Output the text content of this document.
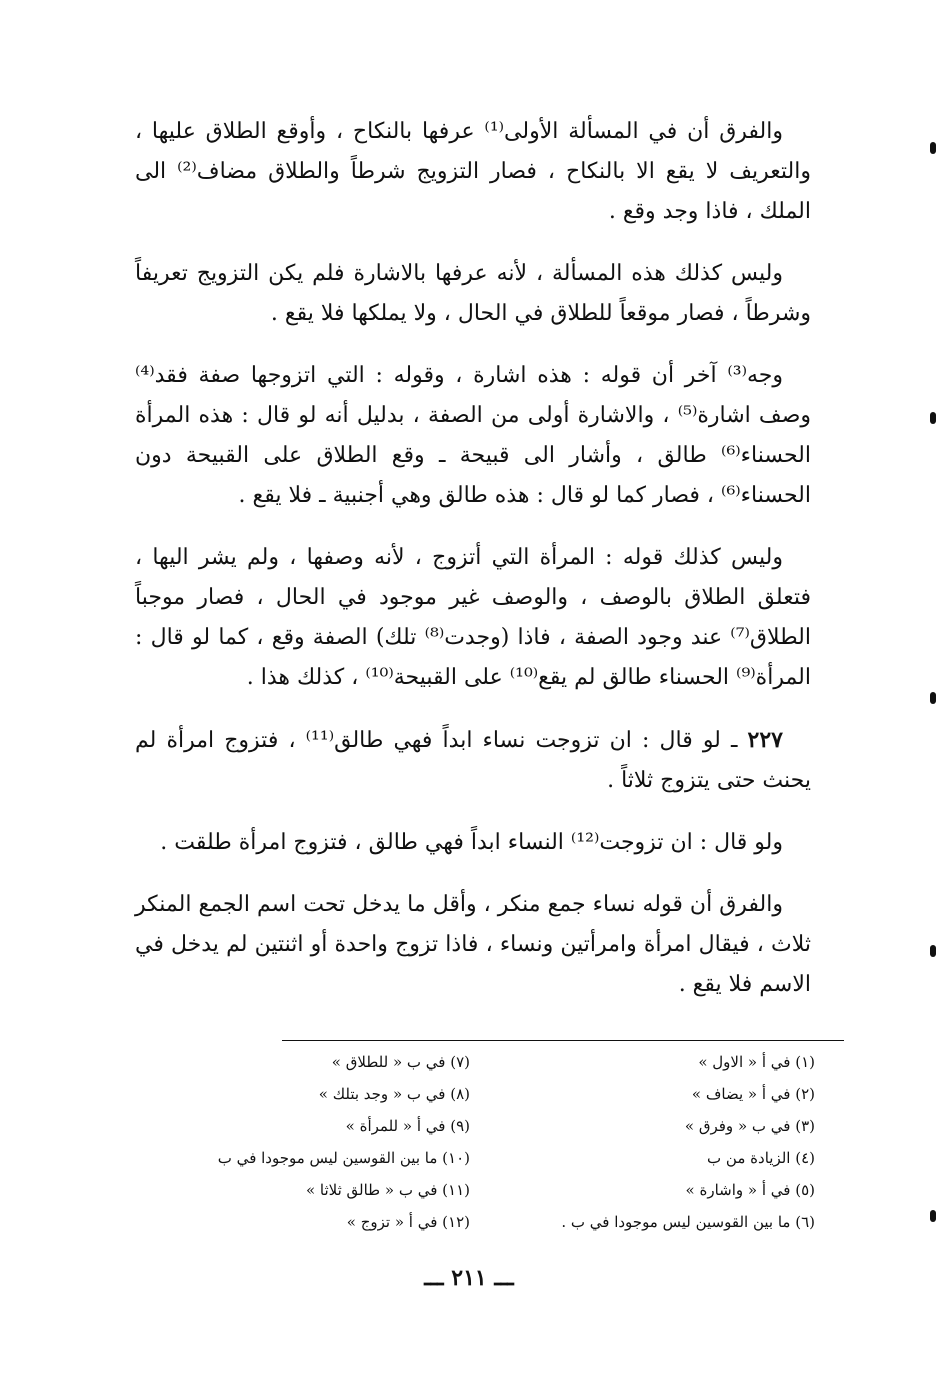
والفرق أن في المسألة الأولى⁽¹⁾ عرفها بالنكاح ، وأوقع الطلاق عليها ، والتعريف لا يقع الا بالنكاح ، فصار التزويج شرطاً والطلاق مضاف⁽²⁾ الى الملك ، فاذا وجد وقع .

وليس كذلك هذه المسألة ، لأنه عرفها بالاشارة فلم يكن التزويج تعريفاً وشرطاً ، فصار موقعاً للطلاق في الحال ، ولا يملكها فلا يقع .

وجه⁽³⁾ آخر أن قوله : هذه اشارة ، وقوله : التي اتزوجها صفة فقد⁽⁴⁾ وصف اشارة⁽⁵⁾ ، والاشارة أولى من الصفة ، بدليل أنه لو قال : هذه المرأة الحسناء⁽⁶⁾ طالق ، وأشار الى قبيحة ـ وقع الطلاق على القبيحة دون الحسناء⁽⁶⁾ ، فصار كما لو قال : هذه طالق وهي أجنبية ـ فلا يقع .

وليس كذلك قوله : المرأة التي أتزوج ، لأنه وصفها ، ولم يشر اليها ، فتعلق الطلاق بالوصف ، والوصف غير موجود في الحال ، فصار موجباً الطلاق⁽⁷⁾ عند وجود الصفة ، فاذا (وجدت⁽⁸⁾ تلك) الصفة وقع ، كما لو قال : المرأة⁽⁹⁾ الحسناء طالق لم يقع⁽¹⁰⁾ على القبيحة⁽¹⁰⁾ ، كذلك هذا .

٢٢٧ ـ لو قال : ان تزوجت نساء ابداً فهي طالق⁽¹¹⁾ ، فتزوج امرأة لم يحنث حتى يتزوج ثلاثاً .

ولو قال : ان تزوجت⁽¹²⁾ النساء ابداً فهي طالق ، فتزوج امرأة طلقت .

والفرق أن قوله نساء جمع منكر ، وأقل ما يدخل تحت اسم الجمع المنكر ثلاث ، فيقال امرأة وامرأتين ونساء ، فاذا تزوج واحدة أو اثنتين لم يدخل في الاسم فلا يقع .

(١) في أ « الاول »
(٢) في أ « يضاف »
(٣) في ب « وفرق »
(٤) الزيادة من ب
(٥) في أ « واشارة »
(٦) ما بين القوسين ليس موجودا في ب .
(٧) في ب « للطلاق »
(٨) في ب « وجد بتلك »
(٩) في أ « للمرأة »
(١٠) ما بين القوسين ليس موجودا في ب
(١١) في ب « طالق ثلاثا »
(١٢) في أ « تزوج »
ـــ ٢١١ ـــ
